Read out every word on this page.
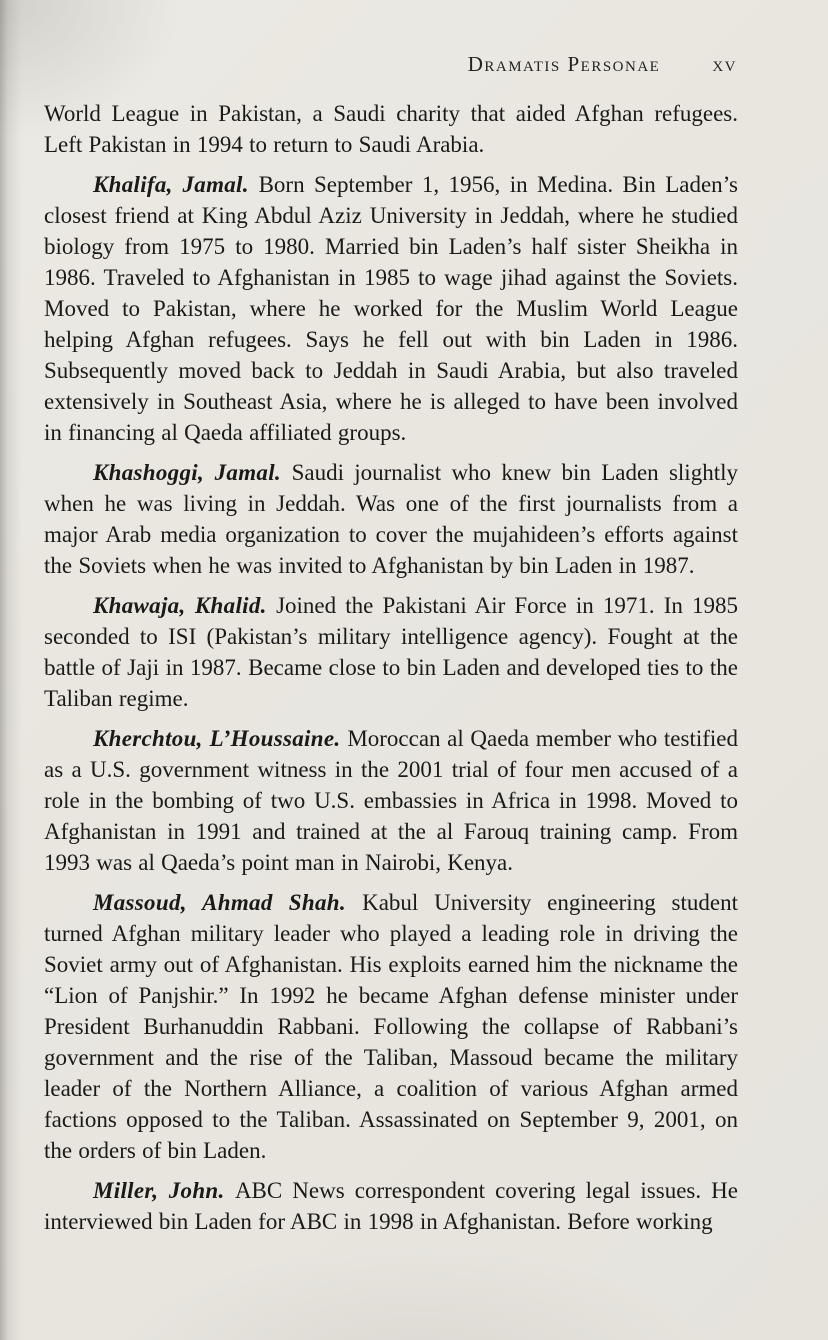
Dramatis Personae xv

World League in Pakistan, a Saudi charity that aided Afghan refugees. Left Pakistan in 1994 to return to Saudi Arabia.

Khalifa, Jamal. Born September 1, 1956, in Medina. Bin Laden’s closest friend at King Abdul Aziz University in Jeddah, where he studied biology from 1975 to 1980. Married bin Laden’s half sister Sheikha in 1986. Traveled to Afghanistan in 1985 to wage jihad against the Soviets. Moved to Pakistan, where he worked for the Muslim World League helping Afghan refugees. Says he fell out with bin Laden in 1986. Subsequently moved back to Jeddah in Saudi Arabia, but also traveled extensively in Southeast Asia, where he is alleged to have been involved in financing al Qaeda affiliated groups.

Khashoggi, Jamal. Saudi journalist who knew bin Laden slightly when he was living in Jeddah. Was one of the first journalists from a major Arab media organization to cover the mujahideen’s efforts against the Soviets when he was invited to Afghanistan by bin Laden in 1987.

Khawaja, Khalid. Joined the Pakistani Air Force in 1971. In 1985 seconded to ISI (Pakistan’s military intelligence agency). Fought at the battle of Jaji in 1987. Became close to bin Laden and developed ties to the Taliban regime.

Kherchtou, L’Houssaine. Moroccan al Qaeda member who testified as a U.S. government witness in the 2001 trial of four men accused of a role in the bombing of two U.S. embassies in Africa in 1998. Moved to Afghanistan in 1991 and trained at the al Farouq training camp. From 1993 was al Qaeda’s point man in Nairobi, Kenya.

Massoud, Ahmad Shah. Kabul University engineering student turned Afghan military leader who played a leading role in driving the Soviet army out of Afghanistan. His exploits earned him the nickname the “Lion of Panjshir.” In 1992 he became Afghan defense minister under President Burhanuddin Rabbani. Following the collapse of Rabbani’s government and the rise of the Taliban, Massoud became the military leader of the Northern Alliance, a coalition of various Afghan armed factions opposed to the Taliban. Assassinated on September 9, 2001, on the orders of bin Laden.

Miller, John. ABC News correspondent covering legal issues. He interviewed bin Laden for ABC in 1998 in Afghanistan. Before working
